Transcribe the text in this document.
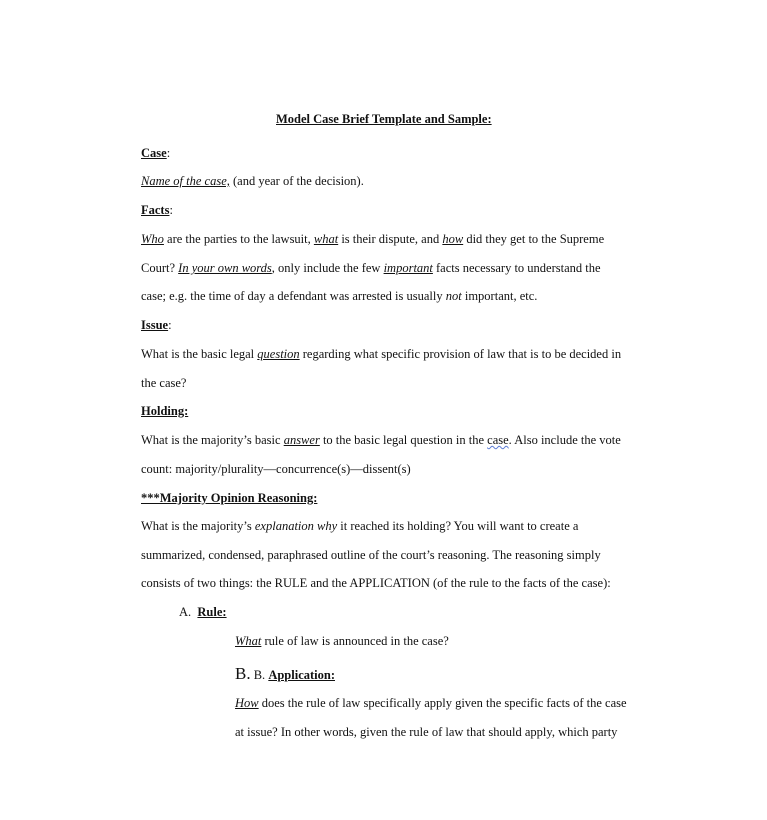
Model Case Brief Template and Sample:
Case:
Name of the case, (and year of the decision).
Facts:
Who are the parties to the lawsuit, what is their dispute, and how did they get to the Supreme
Court? In your own words, only include the few important facts necessary to understand the
case; e.g. the time of day a defendant was arrested is usually not important, etc.
Issue:
What is the basic legal question regarding what specific provision of law that is to be decided in
the case?
Holding:
What is the majority’s basic answer to the basic legal question in the case. Also include the vote
count: majority/plurality—concurrence(s)—dissent(s)
***Majority Opinion Reasoning:
What is the majority’s explanation why it reached its holding? You will want to create a
summarized, condensed, paraphrased outline of the court’s reasoning. The reasoning simply
consists of two things: the RULE and the APPLICATION (of the rule to the facts of the case):
A. Rule:
What rule of law is announced in the case?
B. B. Application:
How does the rule of law specifically apply given the specific facts of the case
at issue? In other words, given the rule of law that should apply, which party
